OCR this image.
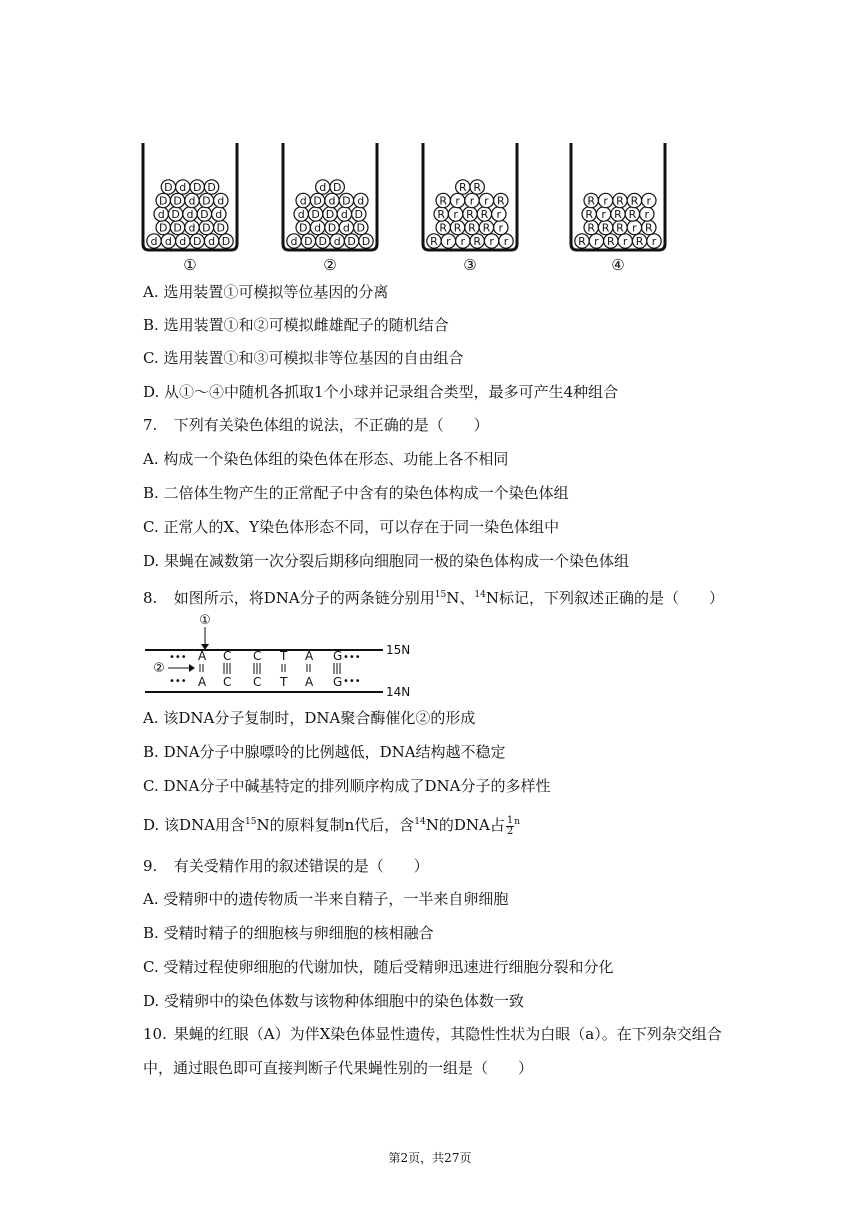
d d d D d D
D D d D D
d D d D d
D D d D d
D d D D
①
d D D d D D
D d D d D
d D D d D
d D d D d
d D
②
R r r R r r
R R R R r
R r R R r
R r r r R
R R
③
R r R r R r
R R R r R
R r R R r
R r R R r
④
A. 选用装置①可模拟等位基因的分离
B. 选用装置①和②可模拟雌雄配子的随机结合
C. 选用装置①和③可模拟非等位基因的自由组合
D. 从①～④中随机各抓取1个小球并记录组合类型，最多可产生4种组合
7. 下列有关染色体组的说法，不正确的是（　　）
A. 构成一个染色体组的染色体在形态、功能上各不相同
B. 二倍体生物产生的正常配子中含有的染色体构成一个染色体组
C. 正常人的X、Y染色体形态不同，可以存在于同一染色体组中
D. 果蝇在减数第一次分裂后期移向细胞同一极的染色体构成一个染色体组
8. 如图所示，将DNA分子的两条链分别用$^{15}$N、$^{14}$N标记，下列叙述正确的是（　　）
①
15N
••• A C C T A G •••
②
••• A C C T A G •••
14N
A. 该DNA分子复制时，DNA聚合酶催化②的形成
B. DNA分子中腺嘌呤的比例越低，DNA结构越不稳定
C. DNA分子中碱基特定的排列顺序构成了DNA分子的多样性
D. 该DNA用含$^{15}$N的原料复制n代后，含$^{14}$N的DNA占 $\frac{1}{2} ^n$
9. 有关受精作用的叙述错误的是（　　）
A. 受精卵中的遗传物质一半来自精子，一半来自卵细胞
B. 受精时精子的细胞核与卵细胞的核相融合
C. 受精过程使卵细胞的代谢加快，随后受精卵迅速进行细胞分裂和分化
D. 受精卵中的染色体数与该物种体细胞中的染色体数一致
10. 果蝇的红眼（A）为伴X染色体显性遗传，其隐性性状为白眼（a）。在下列杂交组合
中，通过眼色即可直接判断子代果蝇性别的一组是（　　）
第2页，共27页
